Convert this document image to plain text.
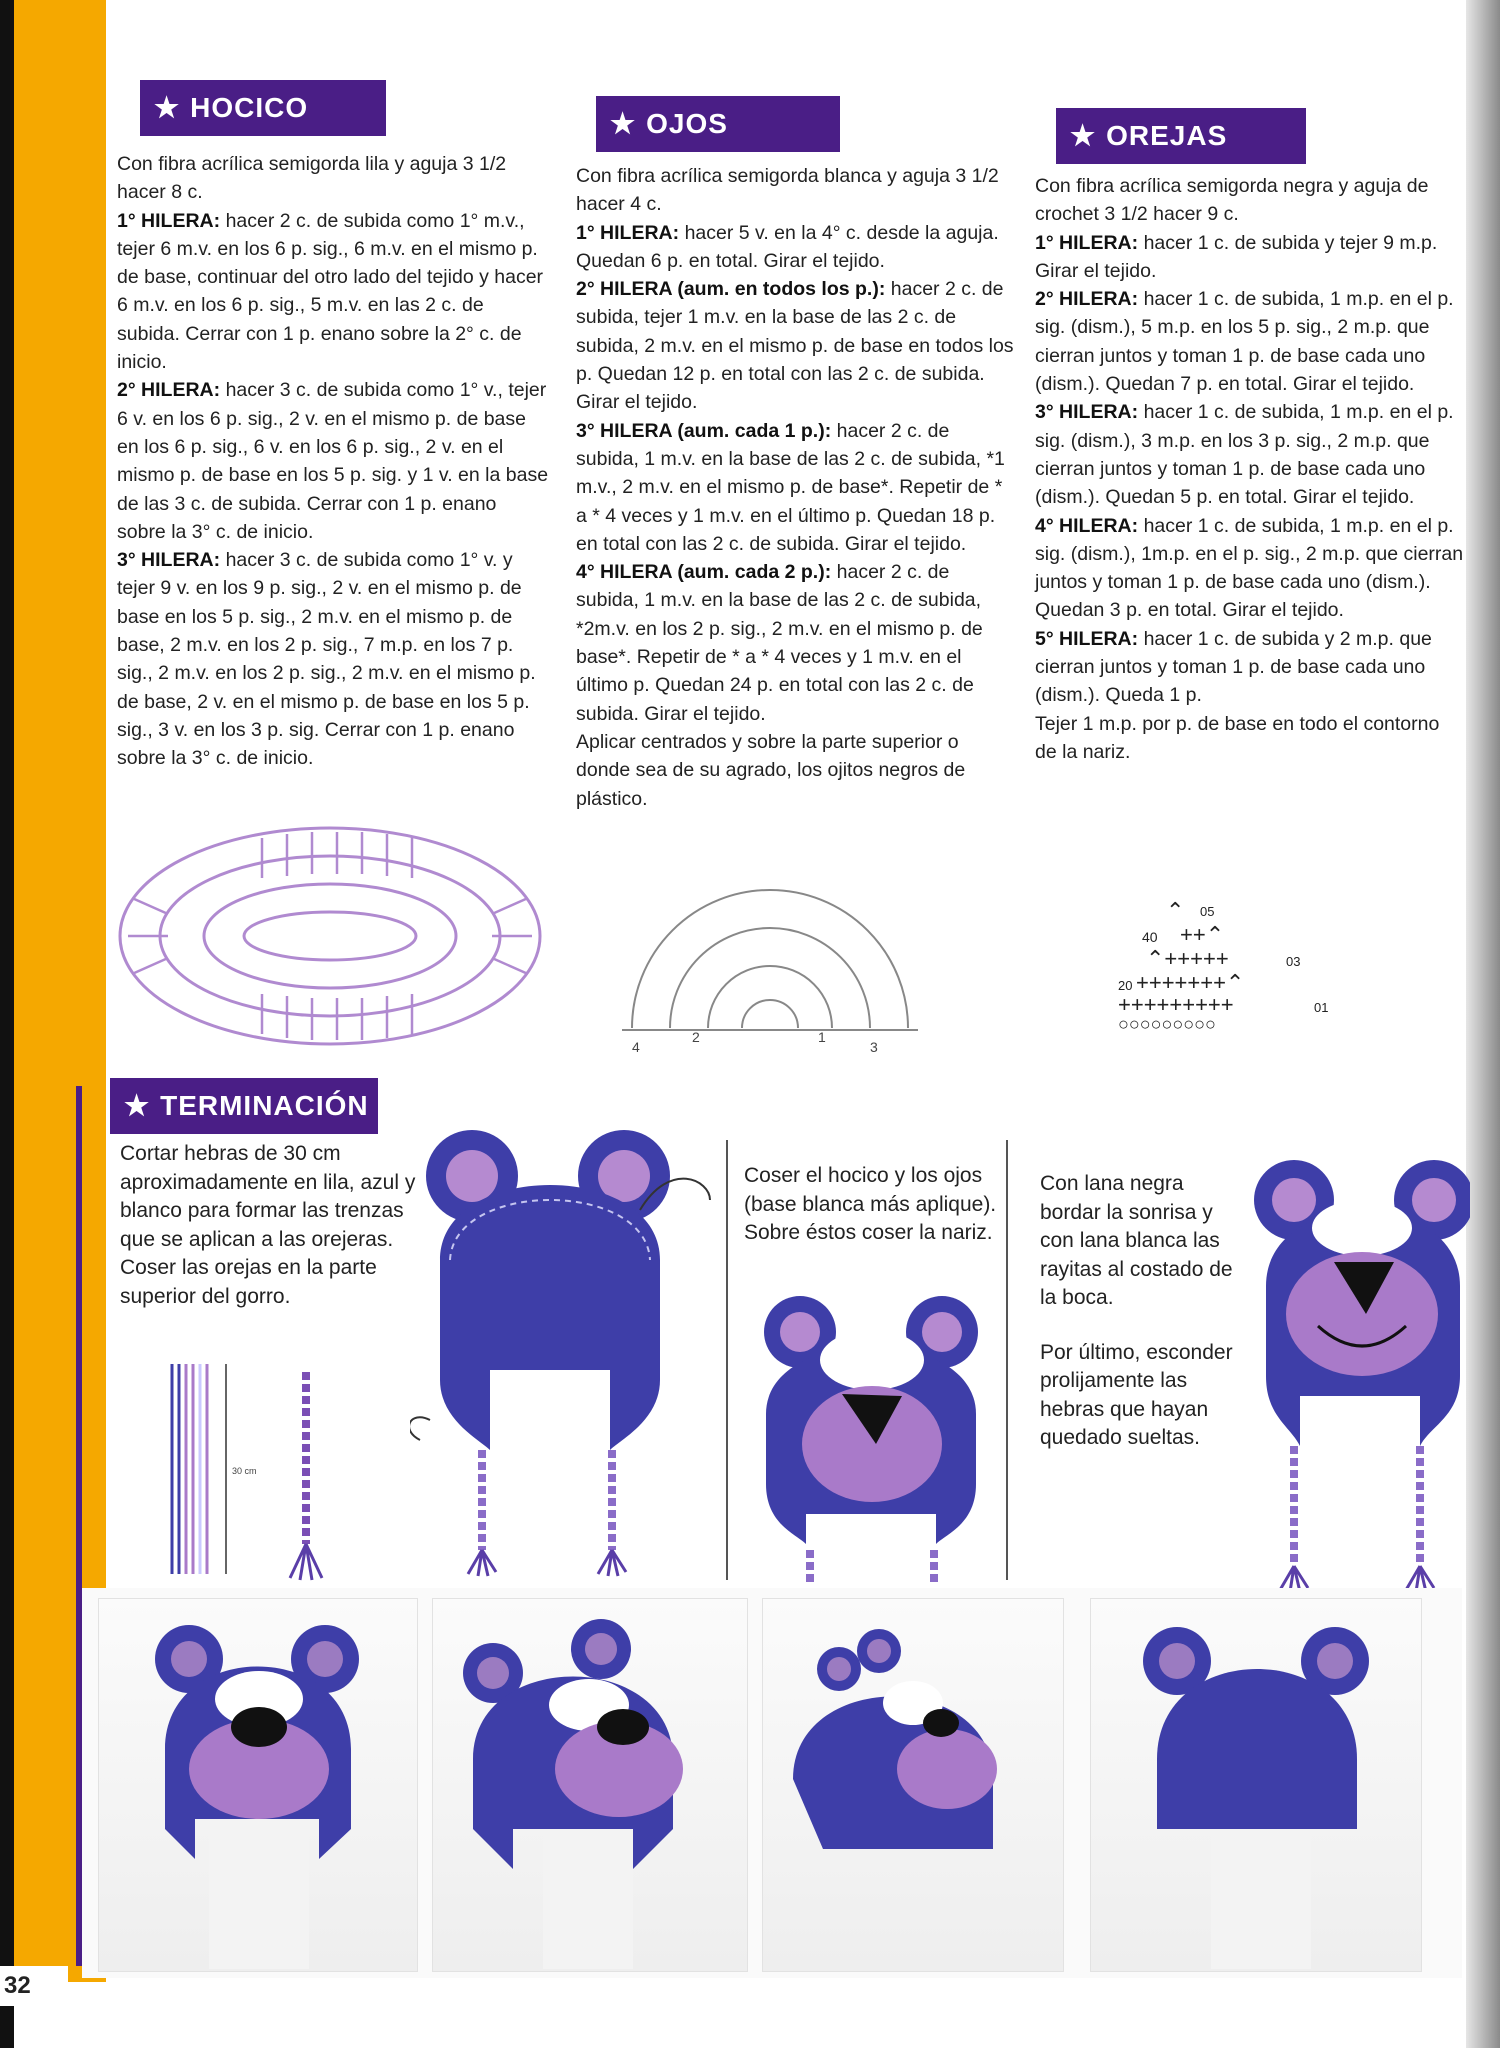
★ HOCICO

Con fibra acrílica semigorda lila y aguja 3 1/2 hacer 8 c.

1° HILERA: hacer 2 c. de subida como 1° m.v., tejer 6 m.v. en los 6 p. sig., 6 m.v. en el mismo p. de base, continuar del otro lado del tejido y hacer 6 m.v. en los 6 p. sig., 5 m.v. en las 2 c. de subida. Cerrar con 1 p. enano sobre la 2° c. de inicio.

2° HILERA: hacer 3 c. de subida como 1° v., tejer 6 v. en los 6 p. sig., 2 v. en el mismo p. de base en los 6 p. sig., 6 v. en los 6 p. sig., 2 v. en el mismo p. de base en los 5 p. sig. y 1 v. en la base de las 3 c. de subida. Cerrar con 1 p. enano sobre la 3° c. de inicio.

3° HILERA: hacer 3 c. de subida como 1° v. y tejer 9 v. en los 9 p. sig., 2 v. en el mismo p. de base en los 5 p. sig., 2 m.v. en el mismo p. de base, 2 m.v. en los 2 p. sig., 7 m.p. en los 7 p. sig., 2 m.v. en los 2 p. sig., 2 m.v. en el mismo p. de base, 2 v. en el mismo p. de base en los 5 p. sig., 3 v. en los 3 p. sig. Cerrar con 1 p. enano sobre la 3° c. de inicio.

★ OJOS

Con fibra acrílica semigorda blanca y aguja 3 1/2 hacer 4 c.

1° HILERA: hacer 5 v. en la 4° c. desde la aguja. Quedan 6 p. en total. Girar el tejido.

2° HILERA (aum. en todos los p.): hacer 2 c. de subida, tejer 1 m.v. en la base de las 2 c. de subida, 2 m.v. en el mismo p. de base en todos los p. Quedan 12 p. en total con las 2 c. de subida. Girar el tejido.

3° HILERA (aum. cada 1 p.): hacer 2 c. de subida, 1 m.v. en la base de las 2 c. de subida, *1 m.v., 2 m.v. en el mismo p. de base*. Repetir de * a * 4 veces y 1 m.v. en el último p. Quedan 18 p. en total con las 2 c. de subida. Girar el tejido.

4° HILERA (aum. cada 2 p.): hacer 2 c. de subida, 1 m.v. en la base de las 2 c. de subida, *2m.v. en los 2 p. sig., 2 m.v. en el mismo p. de base*. Repetir de * a * 4 veces y 1 m.v. en el último p. Quedan 24 p. en total con las 2 c. de subida. Girar el tejido.

Aplicar centrados y sobre la parte superior o donde sea de su agrado, los ojitos negros de plástico.

★ OREJAS

Con fibra acrílica semigorda negra y aguja de crochet 3 1/2 hacer 9 c.

1° HILERA: hacer 1 c. de subida y tejer 9 m.p. Girar el tejido.

2° HILERA: hacer 1 c. de subida, 1 m.p. en el p. sig. (dism.), 5 m.p. en los 5 p. sig., 2 m.p. que cierran juntos y toman 1 p. de base cada uno (dism.). Quedan 7 p. en total. Girar el tejido.

3° HILERA: hacer 1 c. de subida, 1 m.p. en el p. sig. (dism.), 3 m.p. en los 3 p. sig., 2 m.p. que cierran juntos y toman 1 p. de base cada uno (dism.). Quedan 5 p. en total. Girar el tejido.

4° HILERA: hacer 1 c. de subida, 1 m.p. en el p. sig. (dism.), 1m.p. en el p. sig., 2 m.p. que cierran juntos y toman 1 p. de base cada uno (dism.). Quedan 3 p. en total. Girar el tejido.

5° HILERA: hacer 1 c. de subida y 2 m.p. que cierran juntos y toman 1 p. de base cada uno (dism.). Queda 1 p.

Tejer 1 m.p. por p. de base en todo el contorno de la nariz.

4
2	1
3
⌃ 05
40 ++⌃
⌃+++++	03
20 +++++++⌃
+++++++++	01
○○○○○○○○○
★ TERMINACIÓN

Cortar hebras de 30 cm aproximadamente en lila, azul y blanco para formar las trenzas que se aplican a las orejeras.

Coser las orejas en la parte superior del gorro.

30 cm
Coser el hocico y los ojos (base blanca más aplique). Sobre éstos coser la nariz.

Con lana negra bordar la sonrisa y con lana blanca las rayitas al costado de la boca.

Por último, esconder prolijamente las hebras que hayan quedado sueltas.

32
